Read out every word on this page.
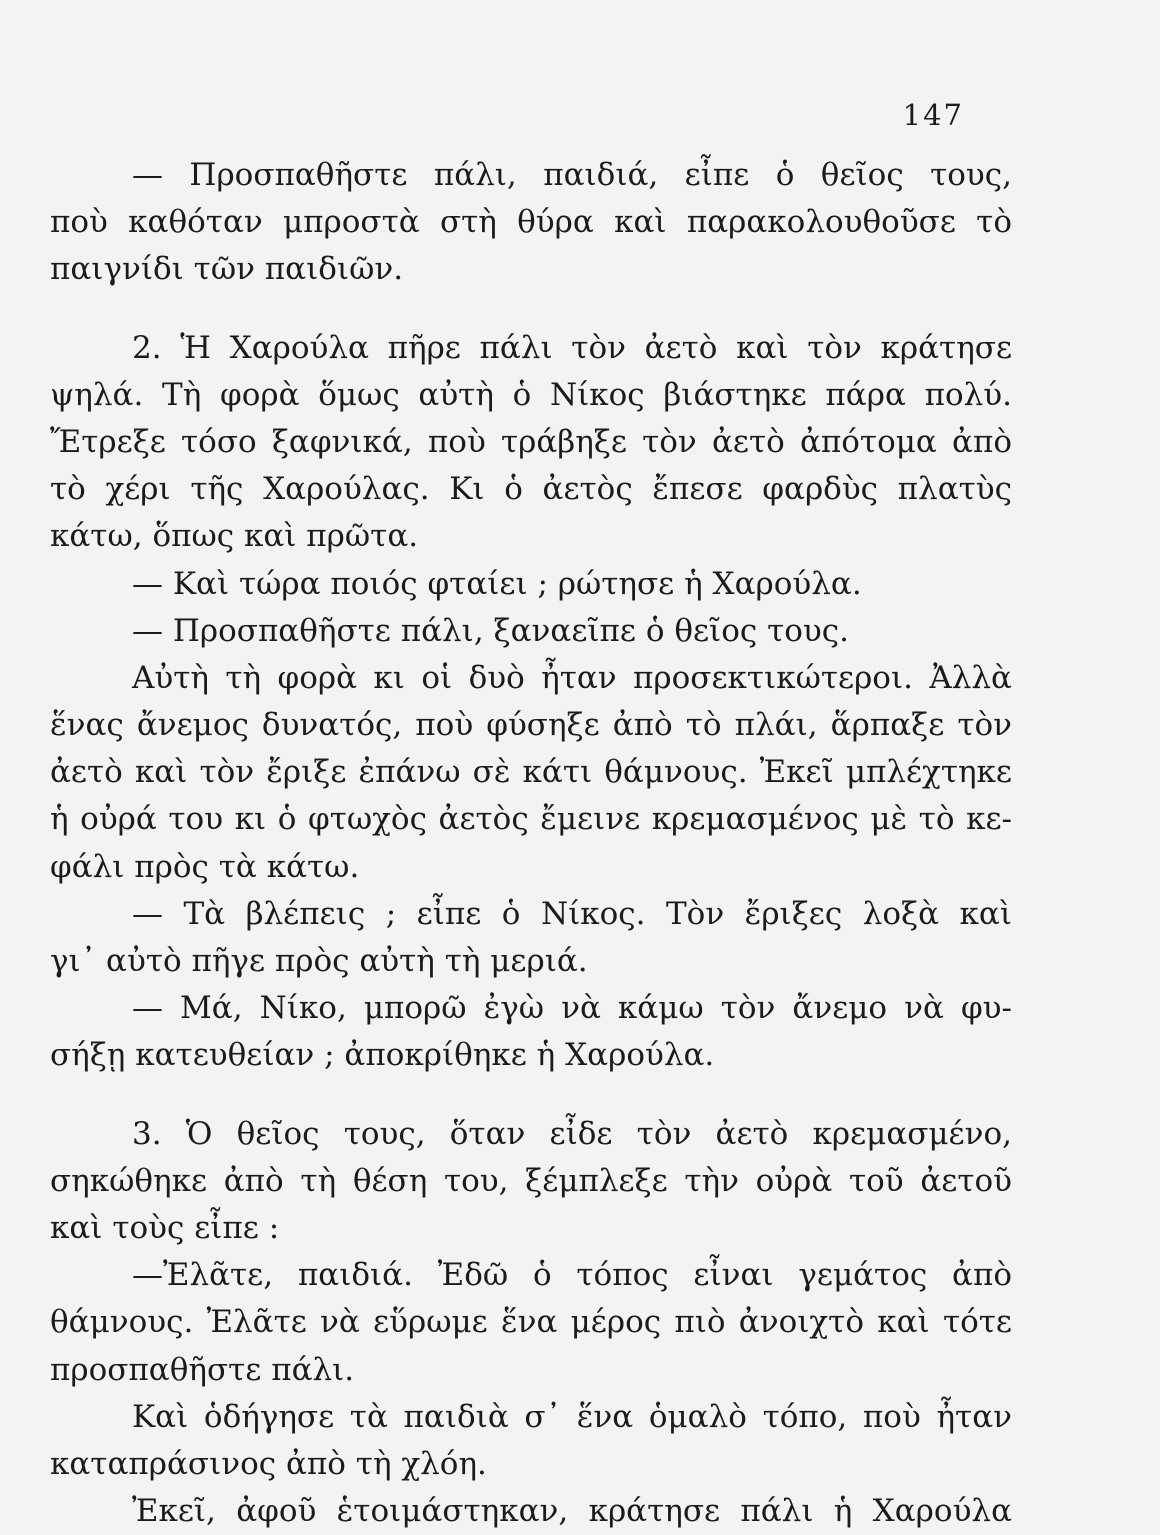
147
— Προσπαθῆστε πάλι, παιδιά, εἶπε ὁ θεῖος τους,
ποὺ καθόταν μπροστὰ στὴ θύρα καὶ παρακολουθοῦσε τὸ
παιγνίδι τῶν παιδιῶν.
2. Ἡ Χαρούλα πῆρε πάλι τὸν ἀετὸ καὶ τὸν κράτησε
ψηλά. Τὴ φορὰ ὅμως αὐτὴ ὁ Νίκος βιάστηκε πάρα πολύ.
Ἔτρεξε τόσο ξαφνικά, ποὺ τράβηξε τὸν ἀετὸ ἀπότομα ἀπὸ
τὸ χέρι τῆς Χαρούλας. Κι ὁ ἀετὸς ἔπεσε φαρδὺς πλατὺς
κάτω, ὅπως καὶ πρῶτα.
— Καὶ τώρα ποιός φταίει ; ρώτησε ἡ Χαρούλα.
— Προσπαθῆστε πάλι, ξαναεῖπε ὁ θεῖος τους.
Αὐτὴ τὴ φορὰ κι οἱ δυὸ ἦταν προσεκτικώτεροι. Ἀλλὰ
ἕνας ἄνεμος δυνατός, ποὺ φύσηξε ἀπὸ τὸ πλάι, ἅρπαξε τὸν
ἀετὸ καὶ τὸν ἔριξε ἐπάνω σὲ κάτι θάμνους. Ἐκεῖ μπλέχτηκε
ἡ οὐρά του κι ὁ φτωχὸς ἀετὸς ἔμεινε κρεμασμένος μὲ τὸ κε-
φάλι πρὸς τὰ κάτω.
— Τὰ βλέπεις ; εἶπε ὁ Νίκος. Τὸν ἔριξες λοξὰ καὶ
γι᾿ αὐτὸ πῆγε πρὸς αὐτὴ τὴ μεριά.
— Μά, Νίκο, μπορῶ ἐγὼ νὰ κάμω τὸν ἄνεμο νὰ φυ-
σήξῃ κατευθείαν ; ἀποκρίθηκε ἡ Χαρούλα.
3. Ὁ θεῖος τους, ὅταν εἶδε τὸν ἀετὸ κρεμασμένο,
σηκώθηκε ἀπὸ τὴ θέση του, ξέμπλεξε τὴν οὐρὰ τοῦ ἀετοῦ
καὶ τοὺς εἶπε :
—Ἐλᾶτε, παιδιά. Ἐδῶ ὁ τόπος εἶναι γεμάτος ἀπὸ
θάμνους. Ἐλᾶτε νὰ εὕρωμε ἕνα μέρος πιὸ ἀνοιχτὸ καὶ τότε
προσπαθῆστε πάλι.
Καὶ ὁδήγησε τὰ παιδιὰ σ᾿ ἕνα ὁμαλὸ τόπο, ποὺ ἦταν
καταπράσινος ἀπὸ τὴ χλόη.
Ἐκεῖ, ἀφοῦ ἑτοιμάστηκαν, κράτησε πάλι ἡ Χαρούλα
